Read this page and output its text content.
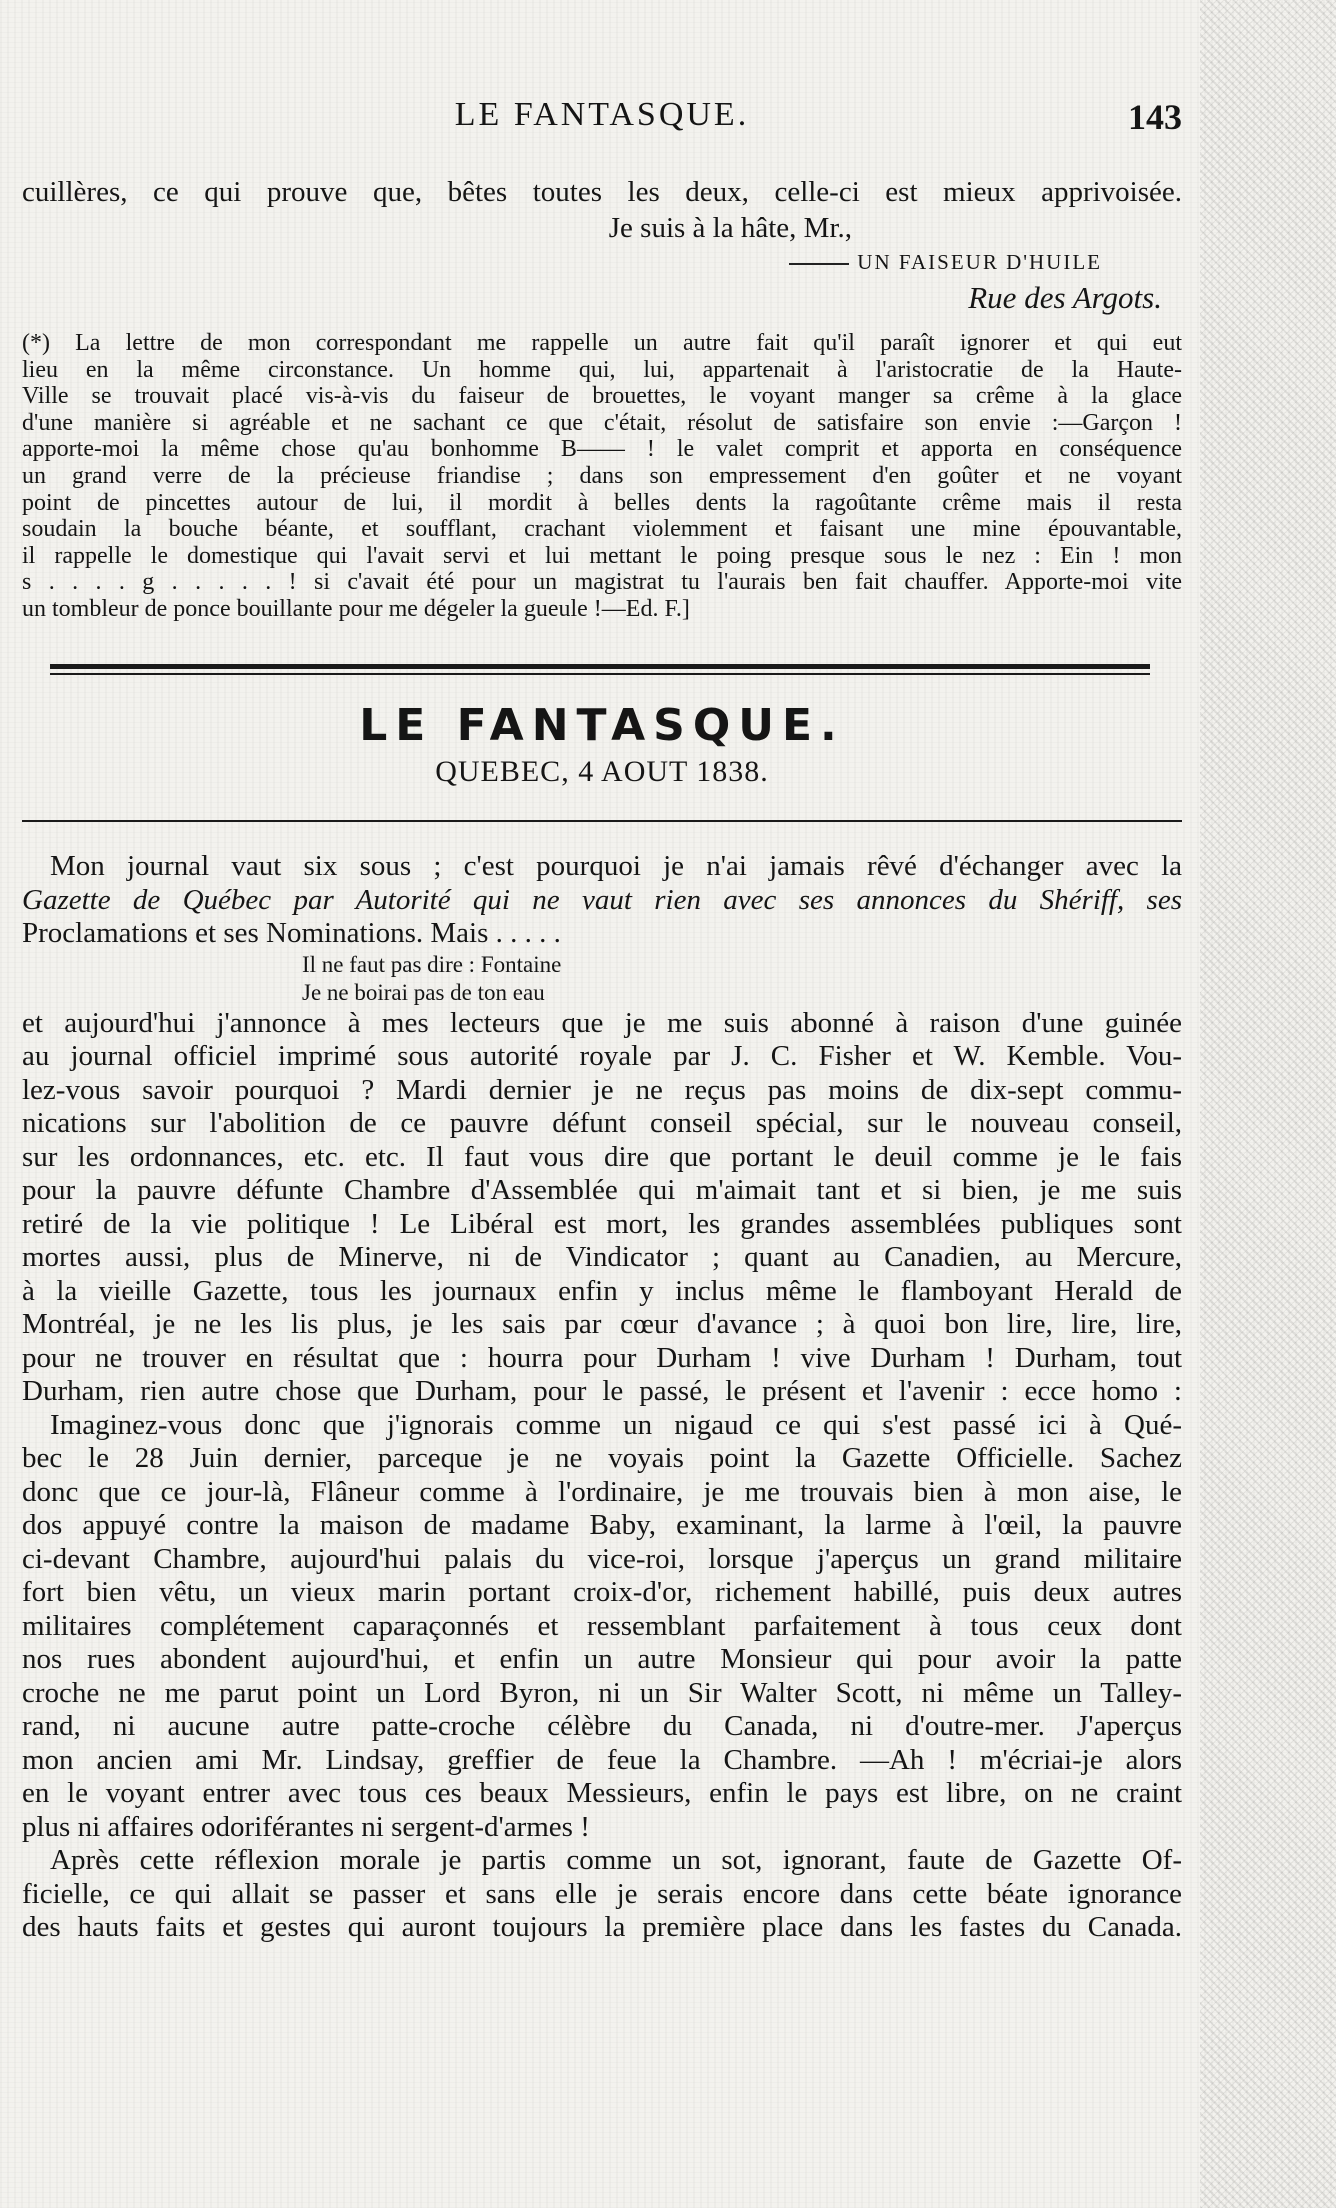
LE FANTASQUE.	143
cuillères, ce qui prouve que, bêtes toutes les deux, celle-ci est mieux apprivoisée.
Je suis à la hâte, Mr.,
UN FAISEUR D'HUILE
Rue des Argots.
(*) La lettre de mon correspondant me rappelle un autre fait qu'il paraît ignorer et qui eut
lieu en la même circonstance. Un homme qui, lui, appartenait à l'aristocratie de la Haute-
Ville se trouvait placé vis-à-vis du faiseur de brouettes, le voyant manger sa crême à la glace
d'une manière si agréable et ne sachant ce que c'était, résolut de satisfaire son envie :—Garçon !
apporte-moi la même chose qu'au bonhomme B—— ! le valet comprit et apporta en conséquence
un grand verre de la précieuse friandise ; dans son empressement d'en goûter et ne voyant
point de pincettes autour de lui, il mordit à belles dents la ragoûtante crême mais il resta
soudain la bouche béante, et soufflant, crachant violemment et faisant une mine épouvantable,
il rappelle le domestique qui l'avait servi et lui mettant le poing presque sous le nez : Ein ! mon
s . . . . g . . . . . ! si c'avait été pour un magistrat tu l'aurais ben fait chauffer. Apporte-moi vite
un tombleur de ponce bouillante pour me dégeler la gueule !—Ed. F.]
LE FANTASQUE.
QUEBEC, 4 AOUT 1838.
Mon journal vaut six sous ; c'est pourquoi je n'ai jamais rêvé d'échanger avec la
Gazette de Québec par Autorité qui ne vaut rien avec ses annonces du Shériff, ses
Proclamations et ses Nominations. Mais . . . . .
Il ne faut pas dire : Fontaine
Je ne boirai pas de ton eau
et aujourd'hui j'annonce à mes lecteurs que je me suis abonné à raison d'une guinée
au journal officiel imprimé sous autorité royale par J. C. Fisher et W. Kemble. Vou-
lez-vous savoir pourquoi ? Mardi dernier je ne reçus pas moins de dix-sept commu-
nications sur l'abolition de ce pauvre défunt conseil spécial, sur le nouveau conseil,
sur les ordonnances, etc. etc. Il faut vous dire que portant le deuil comme je le fais
pour la pauvre défunte Chambre d'Assemblée qui m'aimait tant et si bien, je me suis
retiré de la vie politique ! Le Libéral est mort, les grandes assemblées publiques sont
mortes aussi, plus de Minerve, ni de Vindicator ; quant au Canadien, au Mercure,
à la vieille Gazette, tous les journaux enfin y inclus même le flamboyant Herald de
Montréal, je ne les lis plus, je les sais par cœur d'avance ; à quoi bon lire, lire, lire,
pour ne trouver en résultat que : hourra pour Durham ! vive Durham ! Durham, tout
Durham, rien autre chose que Durham, pour le passé, le présent et l'avenir : ecce homo :
Imaginez-vous donc que j'ignorais comme un nigaud ce qui s'est passé ici à Qué-
bec le 28 Juin dernier, parceque je ne voyais point la Gazette Officielle. Sachez
donc que ce jour-là, Flâneur comme à l'ordinaire, je me trouvais bien à mon aise, le
dos appuyé contre la maison de madame Baby, examinant, la larme à l'œil, la pauvre
ci-devant Chambre, aujourd'hui palais du vice-roi, lorsque j'aperçus un grand militaire
fort bien vêtu, un vieux marin portant croix-d'or, richement habillé, puis deux autres
militaires complétement caparaçonnés et ressemblant parfaitement à tous ceux dont
nos rues abondent aujourd'hui, et enfin un autre Monsieur qui pour avoir la patte
croche ne me parut point un Lord Byron, ni un Sir Walter Scott, ni même un Talley-
rand, ni aucune autre patte-croche célèbre du Canada, ni d'outre-mer. J'aperçus
mon ancien ami Mr. Lindsay, greffier de feue la Chambre. —Ah ! m'écriai-je alors
en le voyant entrer avec tous ces beaux Messieurs, enfin le pays est libre, on ne craint
plus ni affaires odoriférantes ni sergent-d'armes !
Après cette réflexion morale je partis comme un sot, ignorant, faute de Gazette Of-
ficielle, ce qui allait se passer et sans elle je serais encore dans cette béate ignorance
des hauts faits et gestes qui auront toujours la première place dans les fastes du Canada.
